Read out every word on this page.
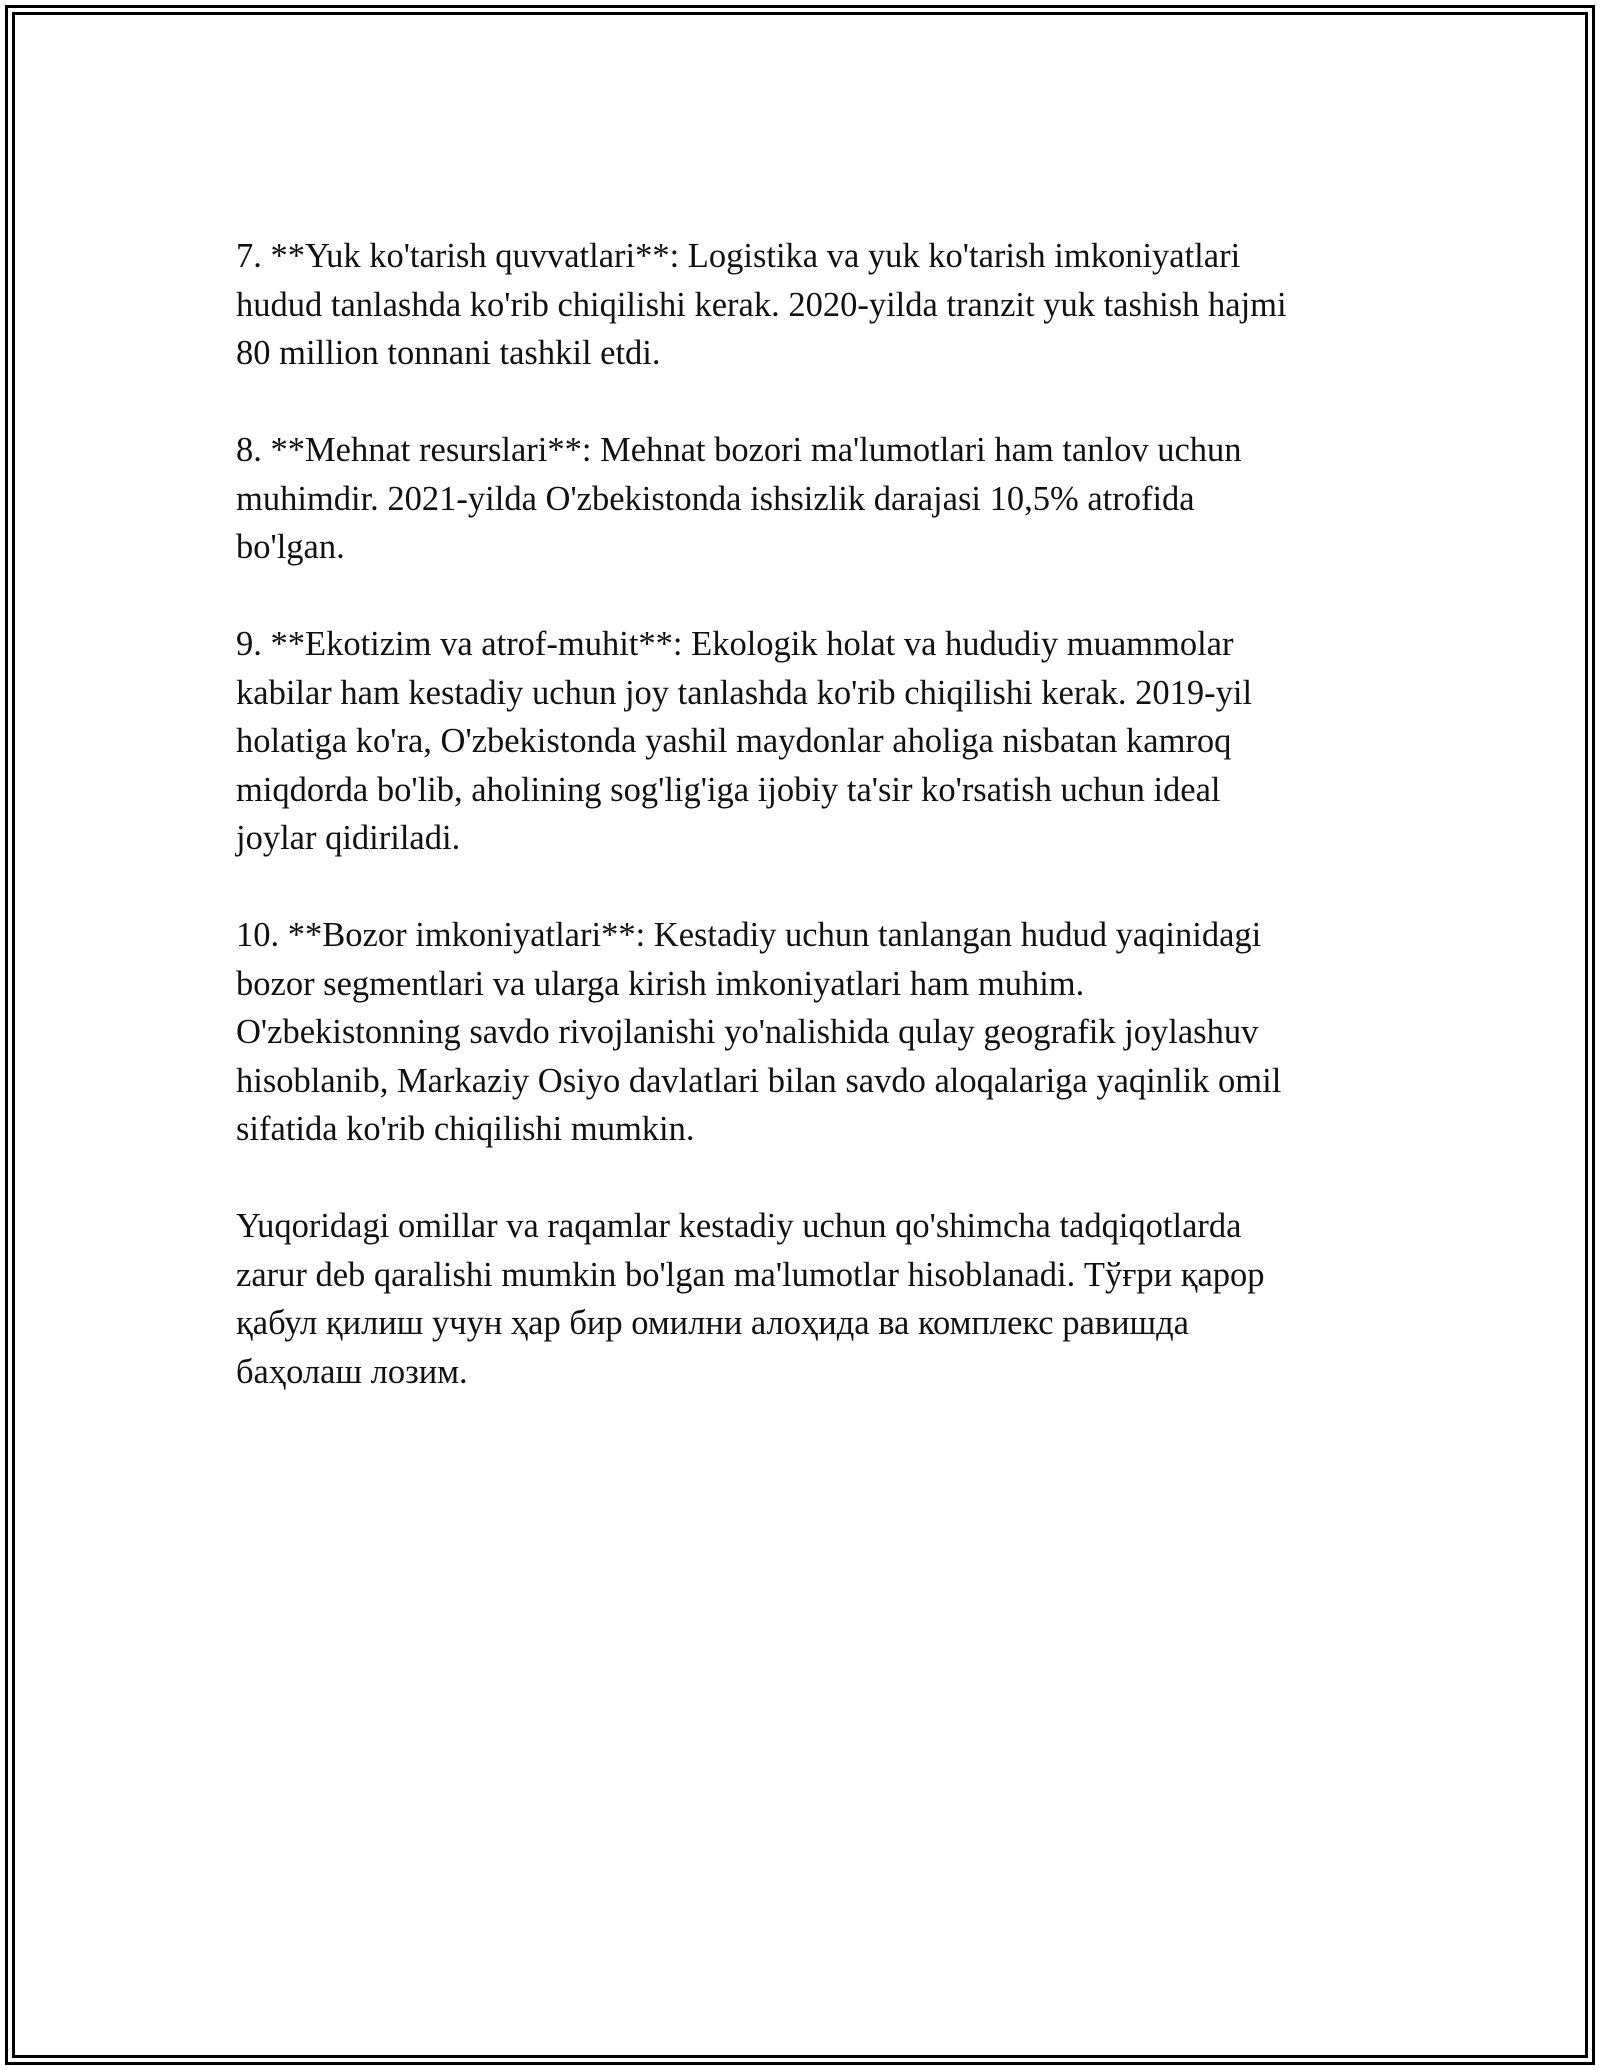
7. **Yuk ko'tarish quvvatlari**: Logistika va yuk ko'tarish imkoniyatlari
hudud tanlashda ko'rib chiqilishi kerak. 2020-yilda tranzit yuk tashish hajmi
80 million tonnani tashkil etdi.

8. **Mehnat resurslari**: Mehnat bozori ma'lumotlari ham tanlov uchun
muhimdir. 2021-yilda O'zbekistonda ishsizlik darajasi 10,5% atrofida
bo'lgan.

9. **Ekotizim va atrof-muhit**: Ekologik holat va hududiy muammolar
kabilar ham kestadiy uchun joy tanlashda ko'rib chiqilishi kerak. 2019-yil
holatiga ko'ra, O'zbekistonda yashil maydonlar aholiga nisbatan kamroq
miqdorda bo'lib, aholining sog'lig'iga ijobiy ta'sir ko'rsatish uchun ideal
joylar qidiriladi.

10. **Bozor imkoniyatlari**: Kestadiy uchun tanlangan hudud yaqinidagi
bozor segmentlari va ularga kirish imkoniyatlari ham muhim.
O'zbekistonning savdo rivojlanishi yo'nalishida qulay geografik joylashuv
hisoblanib, Markaziy Osiyo davlatlari bilan savdo aloqalariga yaqinlik omil
sifatida ko'rib chiqilishi mumkin.

Yuqoridagi omillar va raqamlar kestadiy uchun qo'shimcha tadqiqotlarda
zarur deb qaralishi mumkin bo'lgan ma'lumotlar hisoblanadi. Тўғри қарор
қабул қилиш учун ҳар бир омилни алоҳида ва комплекс равишда
баҳолаш лозим.
